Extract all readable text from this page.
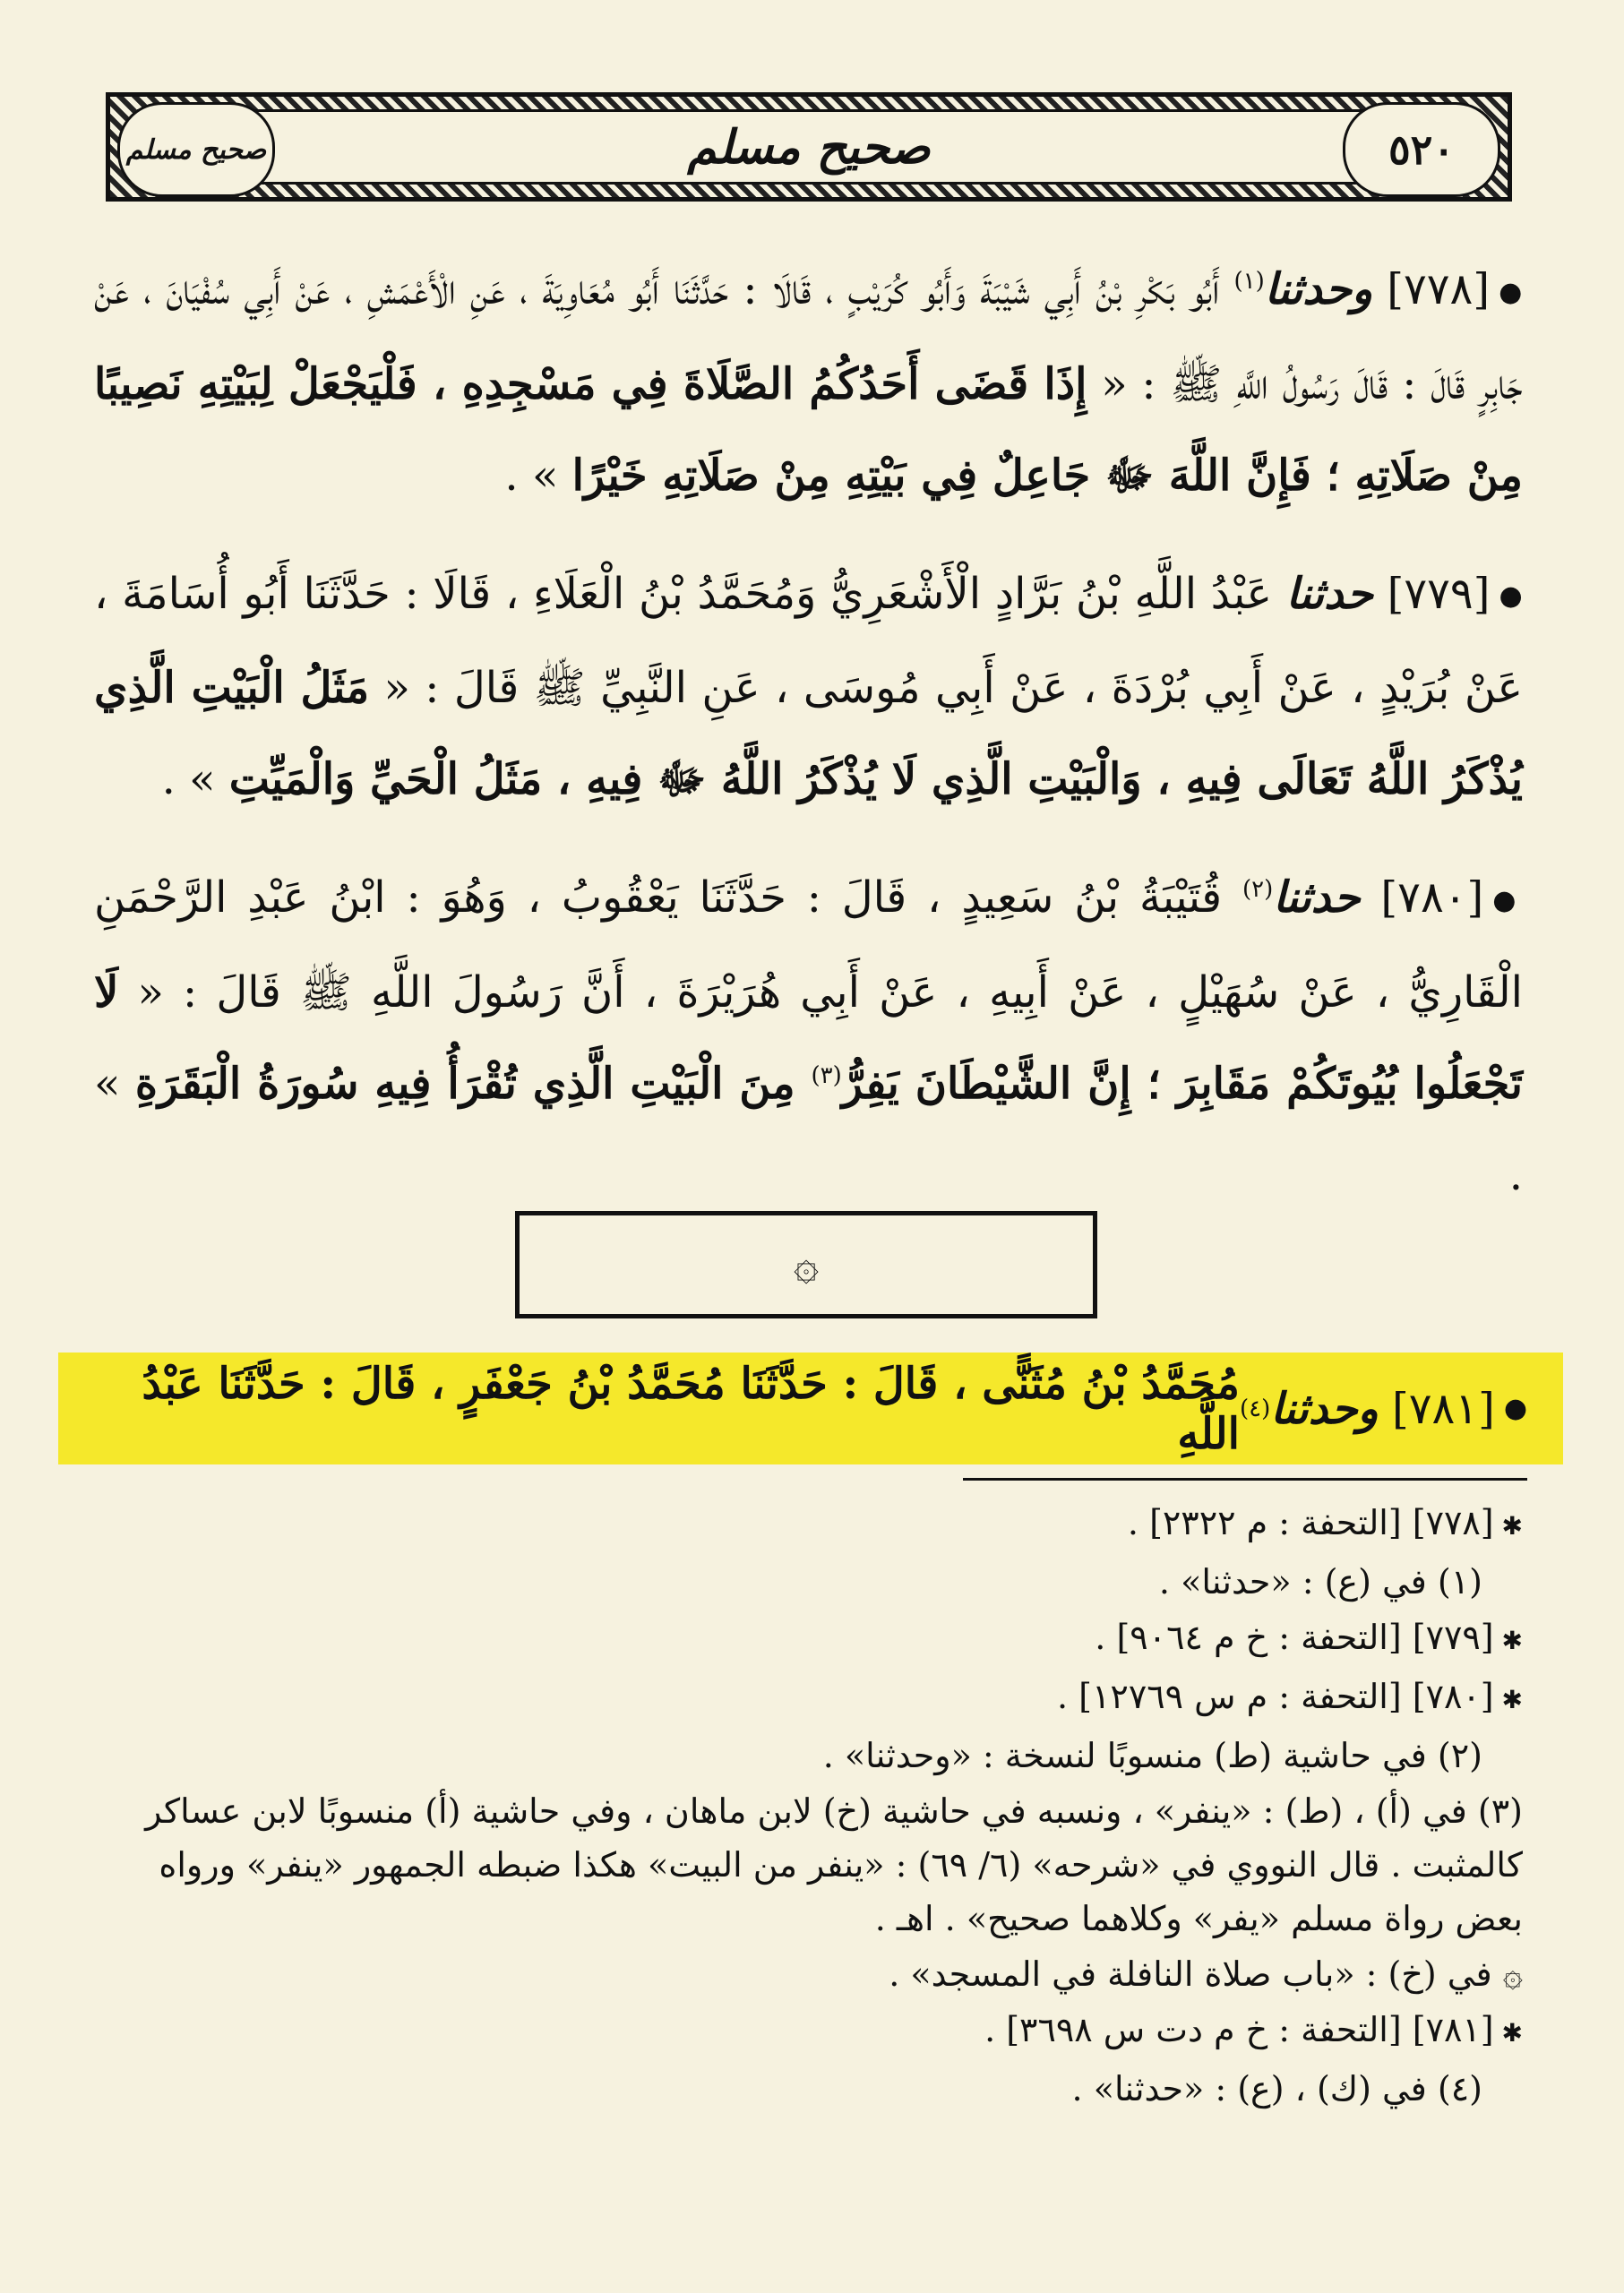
صحيح مسلم	٥٢٠
صحيح مسلم

●[٧٧٨] وحدثنا$^{(١)}$ أَبُو بَكْرِ بْنُ أَبِي شَيْبَةَ وَأَبُو كُرَيْبٍ ، قَالَا : حَدَّثَنَا أَبُو مُعَاوِيَةَ ، عَنِ الْأَعْمَشِ ، عَنْ أَبِي سُفْيَانَ ، عَنْ جَابِرٍ قَالَ : قَالَ رَسُولُ اللَّهِ ﷺ : « إِذَا قَضَى أَحَدُكُمُ الصَّلَاةَ فِي مَسْجِدِهِ ، فَلْيَجْعَلْ لِبَيْتِهِ نَصِيبًا مِنْ صَلَاتِهِ ؛ فَإِنَّ اللَّهَ ﷻ جَاعِلٌ فِي بَيْتِهِ مِنْ صَلَاتِهِ خَيْرًا » .

●[٧٧٩] حدثنا عَبْدُ اللَّهِ بْنُ بَرَّادٍ الْأَشْعَرِيُّ وَمُحَمَّدُ بْنُ الْعَلَاءِ ، قَالَا : حَدَّثَنَا أَبُو أُسَامَةَ ، عَنْ بُرَيْدٍ ، عَنْ أَبِي بُرْدَةَ ، عَنْ أَبِي مُوسَى ، عَنِ النَّبِيِّ ﷺ قَالَ : « مَثَلُ الْبَيْتِ الَّذِي يُذْكَرُ اللَّهُ تَعَالَى فِيهِ ، وَالْبَيْتِ الَّذِي لَا يُذْكَرُ اللَّهُ ﷻ فِيهِ ، مَثَلُ الْحَيِّ وَالْمَيِّتِ » .

●[٧٨٠] حدثنا$^{(٢)}$ قُتَيْبَةُ بْنُ سَعِيدٍ ، قَالَ : حَدَّثَنَا يَعْقُوبُ ، وَهُوَ : ابْنُ عَبْدِ الرَّحْمَنِ الْقَارِيُّ ، عَنْ سُهَيْلٍ ، عَنْ أَبِيهِ ، عَنْ أَبِي هُرَيْرَةَ ، أَنَّ رَسُولَ اللَّهِ ﷺ قَالَ : « لَا تَجْعَلُوا بُيُوتَكُمْ مَقَابِرَ ؛ إِنَّ الشَّيْطَانَ يَفِرُّ$^{(٣)}$ مِنَ الْبَيْتِ الَّذِي تُقْرَأُ فِيهِ سُورَةُ الْبَقَرَةِ » .

۞
●
[٧٨١]

وحدثنا
(٤)
مُحَمَّدُ بْنُ مُثَنًّى ، قَالَ : حَدَّثَنَا مُحَمَّدُ بْنُ جَعْفَرٍ ، قَالَ : حَدَّثَنَا عَبْدُ اللَّهِ
✱ [٧٧٨] [التحفة : م ٢٣٢٢] .
(١) في (ع) : «حدثنا» .
✱ [٧٧٩] [التحفة : خ م ٩٠٦٤] .
✱ [٧٨٠] [التحفة : م س ١٢٧٦٩] .
(٢) في حاشية (ط) منسوبًا لنسخة : «وحدثنا» .
(٣) في (أ) ، (ط) : «ينفر» ، ونسبه في حاشية (خ) لابن ماهان ، وفي حاشية (أ) منسوبًا لابن عساكر كالمثبت . قال النووي في «شرحه» (٦/ ٦٩) : «ينفر من البيت» هكذا ضبطه الجمهور «ينفر» ورواه بعض رواة مسلم «يفر» وكلاهما صحيح» . اهـ .
۞ في (خ) : «باب صلاة النافلة في المسجد» .
✱ [٧٨١] [التحفة : خ م دت س ٣٦٩٨] .
(٤) في (ك) ، (ع) : «حدثنا» .
